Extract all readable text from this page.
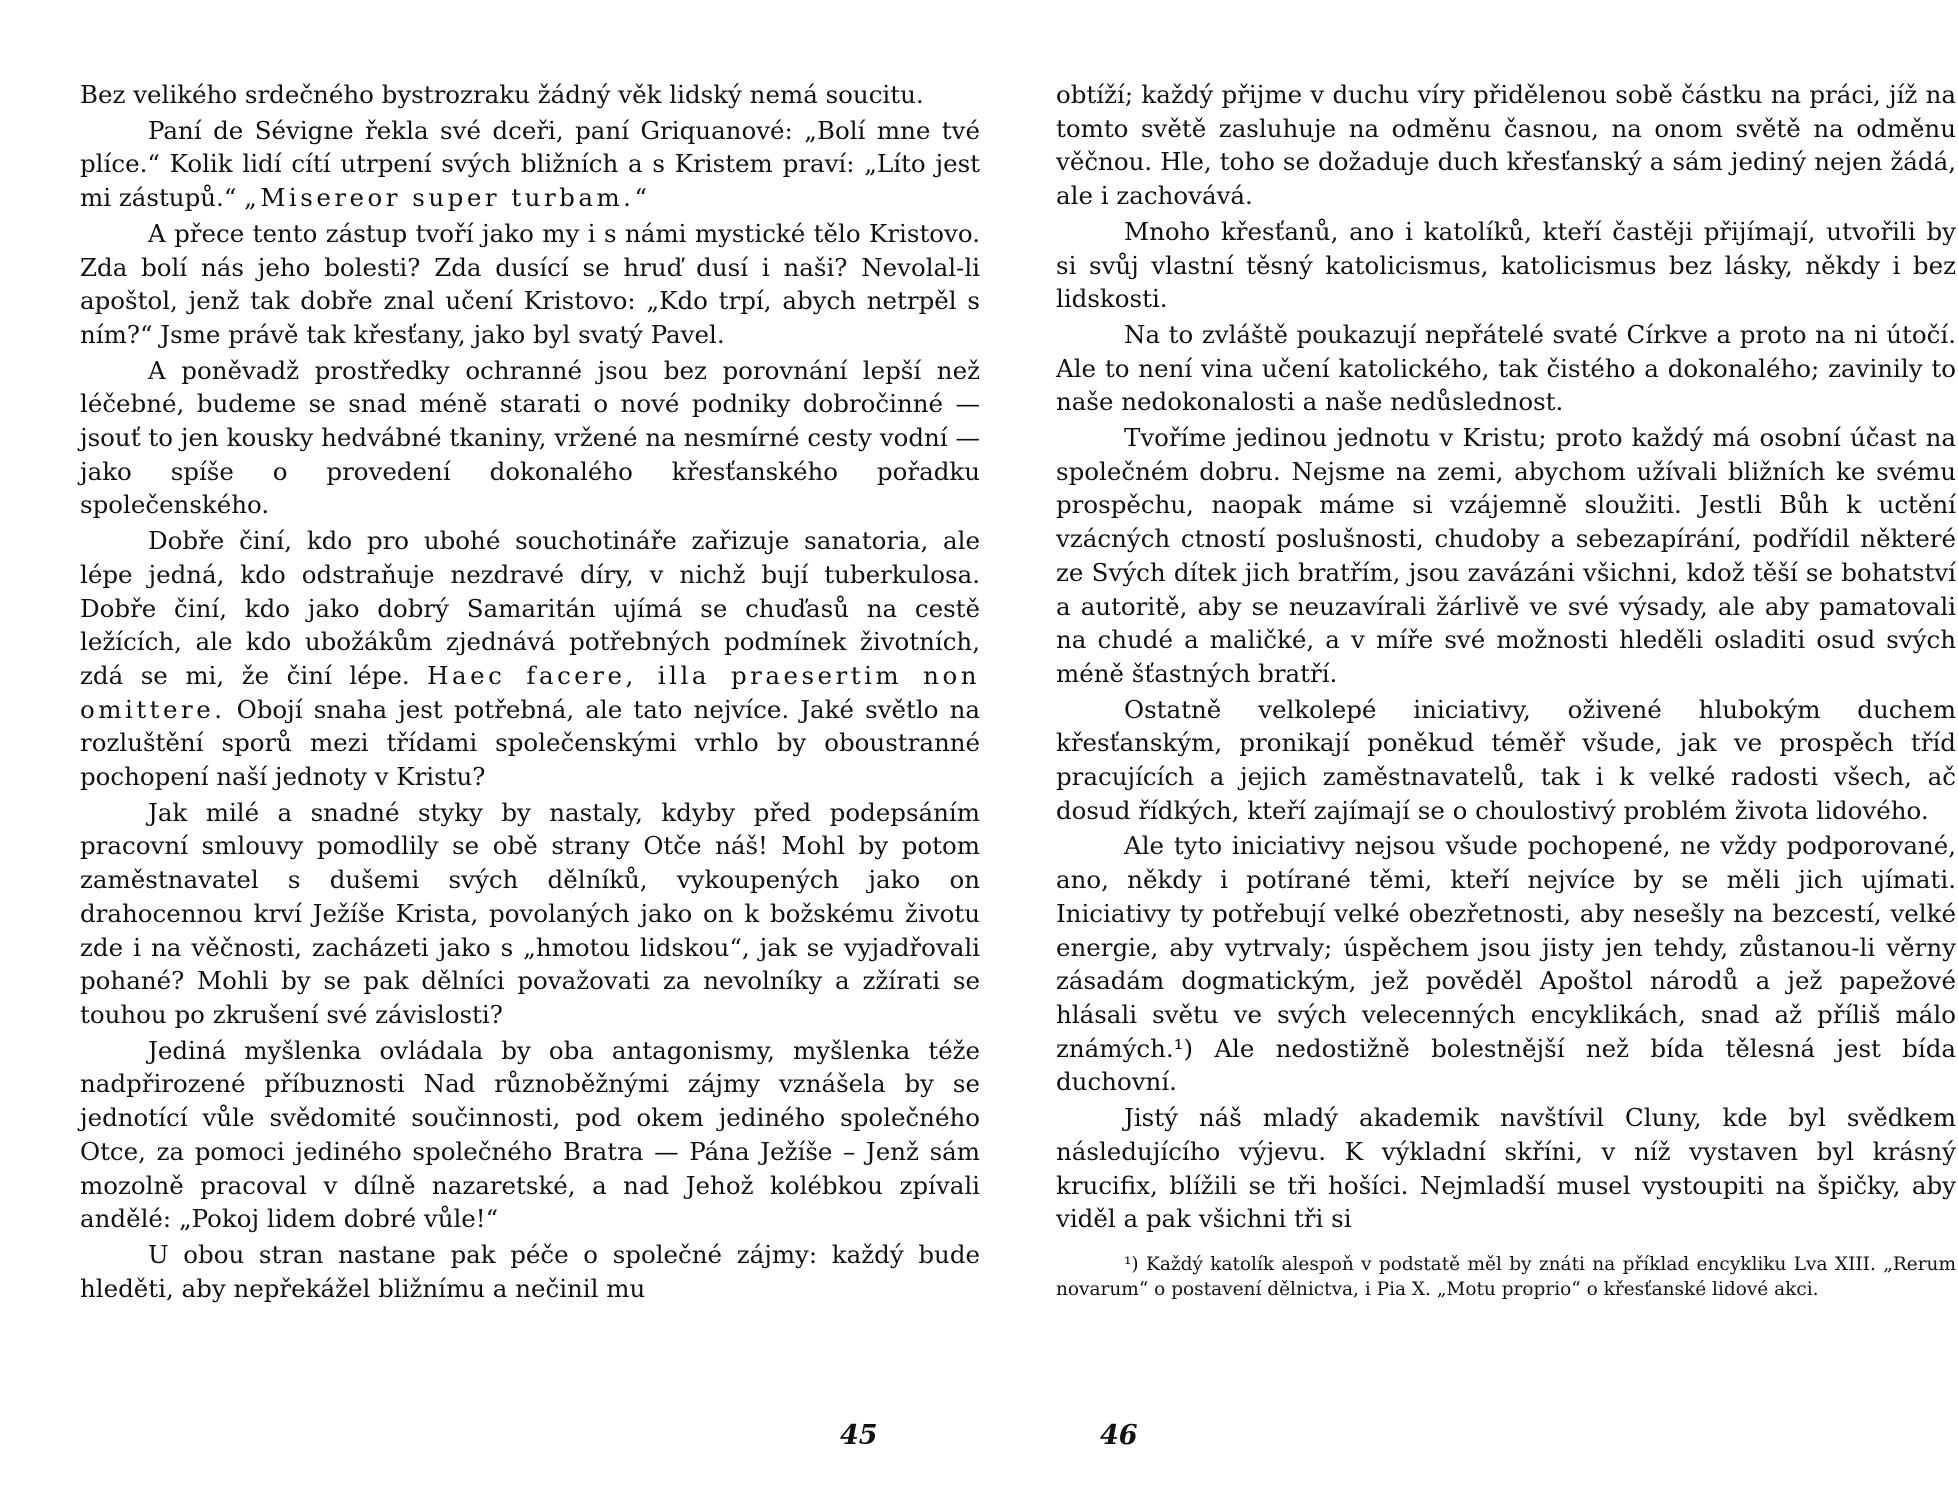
Bez velikého srdečného bystrozraku žádný věk lidský nemá soucitu.

Paní de Sévigne řekla své dceři, paní Griquanové: „Bolí mne tvé plíce.“ Kolik lidí cítí utrpení svých bližních a s Kristem praví: „Líto jest mi zástupů.“ „Misereor super turbam.“

A přece tento zástup tvoří jako my i s námi mystické tělo Kristovo. Zda bolí nás jeho bolesti? Zda dusící se hruď dusí i naši? Nevolal-li apoštol, jenž tak dobře znal učení Kristovo: „Kdo trpí, abych netrpěl s ním?“ Jsme právě tak křesťany, jako byl svatý Pavel.

A poněvadž prostředky ochranné jsou bez porovnání lepší než léčebné, budeme se snad méně starati o nové podniky dobročinné — jsouť to jen kousky hedvábné tkaniny, vržené na nesmírné cesty vodní — jako spíše o provedení dokonalého křesťanského pořadku společenského.

Dobře činí, kdo pro ubohé souchotináře zařizuje sanatoria, ale lépe jedná, kdo odstraňuje nezdravé díry, v nichž bují tuberkulosa. Dobře činí, kdo jako dobrý Samaritán ujímá se chuďasů na cestě ležících, ale kdo ubožákům zjednává potřebných podmínek životních, zdá se mi, že činí lépe. Haec facere, illa praesertim non omittere. Obojí snaha jest potřebná, ale tato nejvíce. Jaké světlo na rozluštění sporů mezi třídami společenskými vrhlo by oboustranné pochopení naší jednoty v Kristu?

Jak milé a snadné styky by nastaly, kdyby před podepsáním pracovní smlouvy pomodlily se obě strany Otče náš! Mohl by potom zaměstnavatel s dušemi svých dělníků, vykoupených jako on drahocennou krví Ježíše Krista, povolaných jako on k božskému životu zde i na věčnosti, zacházeti jako s „hmotou lidskou“, jak se vyjadřovali pohané? Mohli by se pak dělníci považovati za nevolníky a zžírati se touhou po zkrušení své závislosti?

Jediná myšlenka ovládala by oba antagonismy, myšlenka téže nadpřirozené příbuznosti Nad různoběžnými zájmy vznášela by se jednotící vůle svědomité součinnosti, pod okem jediného společného Otce, za pomoci jediného společného Bratra — Pána Ježíše – Jenž sám mozolně pracoval v dílně nazaretské, a nad Jehož kolébkou zpívali andělé: „Pokoj lidem dobré vůle!“

U obou stran nastane pak péče o společné zájmy: každý bude hleděti, aby nepřekážel bližnímu a nečinil mu

obtíží; každý přijme v duchu víry přidělenou sobě částku na práci, jíž na tomto světě zasluhuje na odměnu časnou, na onom světě na odměnu věčnou. Hle, toho se dožaduje duch křesťanský a sám jediný nejen žádá, ale i zachovává.

Mnoho křesťanů, ano i katolíků, kteří častěji přijímají, utvořili by si svůj vlastní těsný katolicismus, katolicismus bez lásky, někdy i bez lidskosti.

Na to zvláště poukazují nepřátelé svaté Církve a proto na ni útočí. Ale to není vina učení katolického, tak čistého a dokonalého; zavinily to naše nedokonalosti a naše nedůslednost.

Tvoříme jedinou jednotu v Kristu; proto každý má osobní účast na společném dobru. Nejsme na zemi, abychom užívali bližních ke svému prospěchu, naopak máme si vzájemně sloužiti. Jestli Bůh k uctění vzácných ctností poslušnosti, chudoby a sebezapírání, podřídil některé ze Svých dítek jich bratřím, jsou zavázáni všichni, kdož těší se bohatství a autoritě, aby se neuzavírali žárlivě ve své výsady, ale aby pamatovali na chudé a maličké, a v míře své možnosti hleděli osladiti osud svých méně šťastných bratří.

Ostatně velkolepé iniciativy, oživené hlubokým duchem křesťanským, pronikají poněkud téměř všude, jak ve prospěch tříd pracujících a jejich zaměstnavatelů, tak i k velké radosti všech, ač dosud řídkých, kteří zajímají se o choulostivý problém života lidového.

Ale tyto iniciativy nejsou všude pochopené, ne vždy podporované, ano, někdy i potírané těmi, kteří nejvíce by se měli jich ujímati. Iniciativy ty potřebují velké obezřetnosti, aby nesešly na bezcestí, velké energie, aby vytrvaly; úspěchem jsou jisty jen tehdy, zůstanou-li věrny zásadám dogmatickým, jež pověděl Apoštol národů a jež papežové hlásali světu ve svých velecenných encyklikách, snad až příliš málo známých.¹) Ale nedostižně bolestnější než bída tělesná jest bída duchovní.

Jistý náš mladý akademik navštívil Cluny, kde byl svědkem následujícího výjevu. K výkladní skříni, v níž vystaven byl krásný krucifix, blížili se tři hošíci. Nejmladší musel vystoupiti na špičky, aby viděl a pak všichni tři si

¹) Každý katolík alespoň v podstatě měl by znáti na příklad encykliku Lva XIII. „Rerum novarum“ o postavení dělnictva, i Pia X. „Motu proprio“ o křesťanské lidové akci.

45	46
